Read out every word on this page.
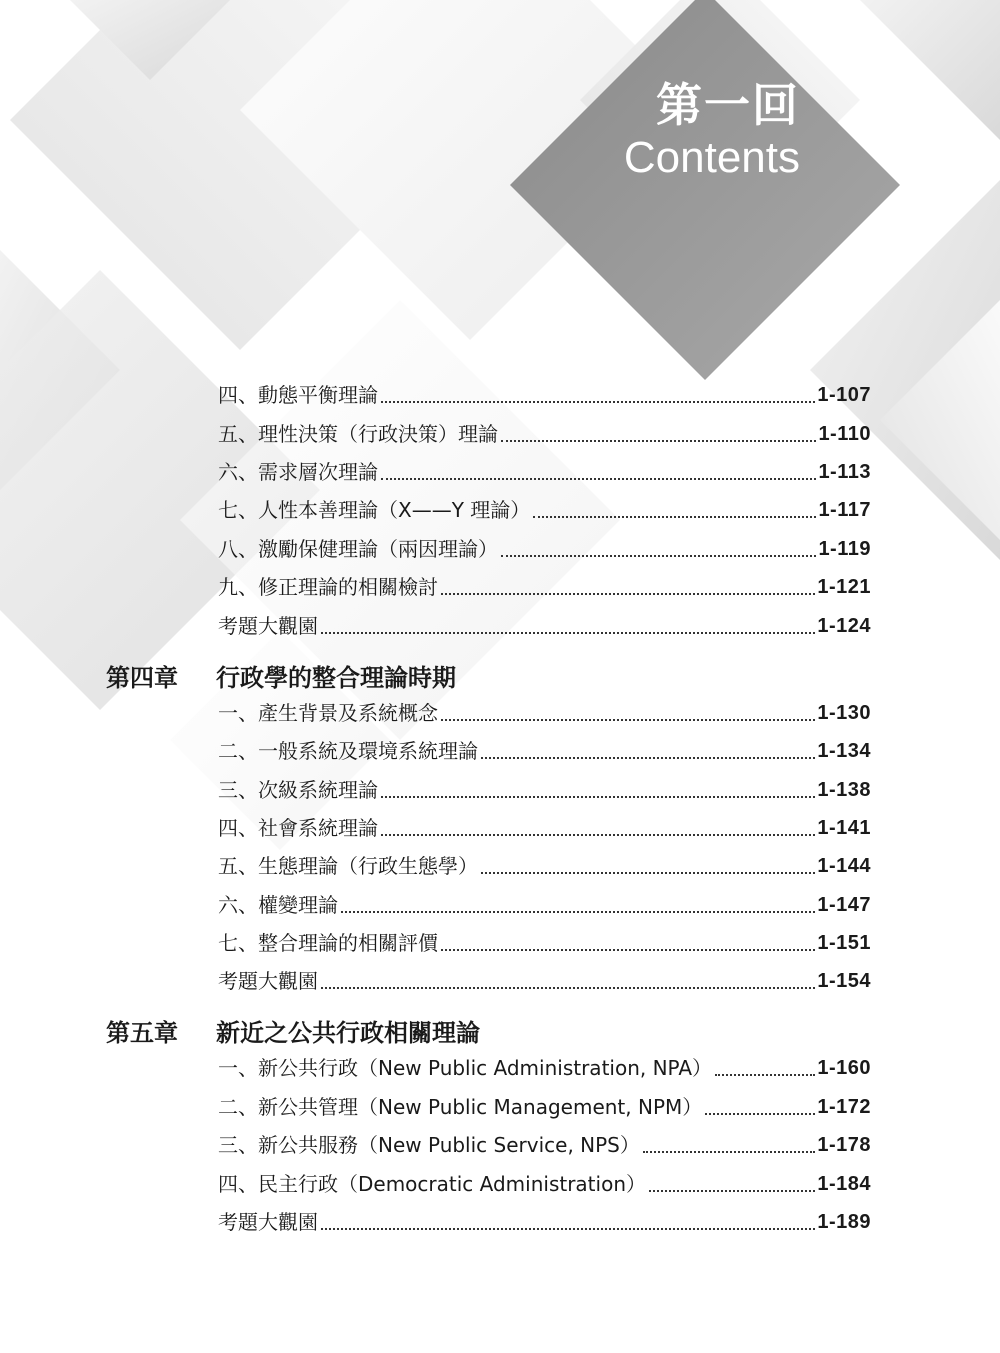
第一回
Contents
四、動態平衡理論	1-107
五、理性決策（行政決策）理論	1-110
六、需求層次理論	1-113
七、人性本善理論（X——Y 理論）	1-117
八、激勵保健理論（兩因理論）	1-119
九、修正理論的相關檢討	1-121
考題大觀園	1-124
第四章	行政學的整合理論時期
一、產生背景及系統概念	1-130
二、一般系統及環境系統理論	1-134
三、次級系統理論	1-138
四、社會系統理論	1-141
五、生態理論（行政生態學）	1-144
六、權變理論	1-147
七、整合理論的相關評價	1-151
考題大觀園	1-154
第五章	新近之公共行政相關理論
一、新公共行政（New Public Administration, NPA）	1-160
二、新公共管理（New Public Management, NPM）	1-172
三、新公共服務（New Public Service, NPS）	1-178
四、民主行政（Democratic Administration）	1-184
考題大觀園	1-189
